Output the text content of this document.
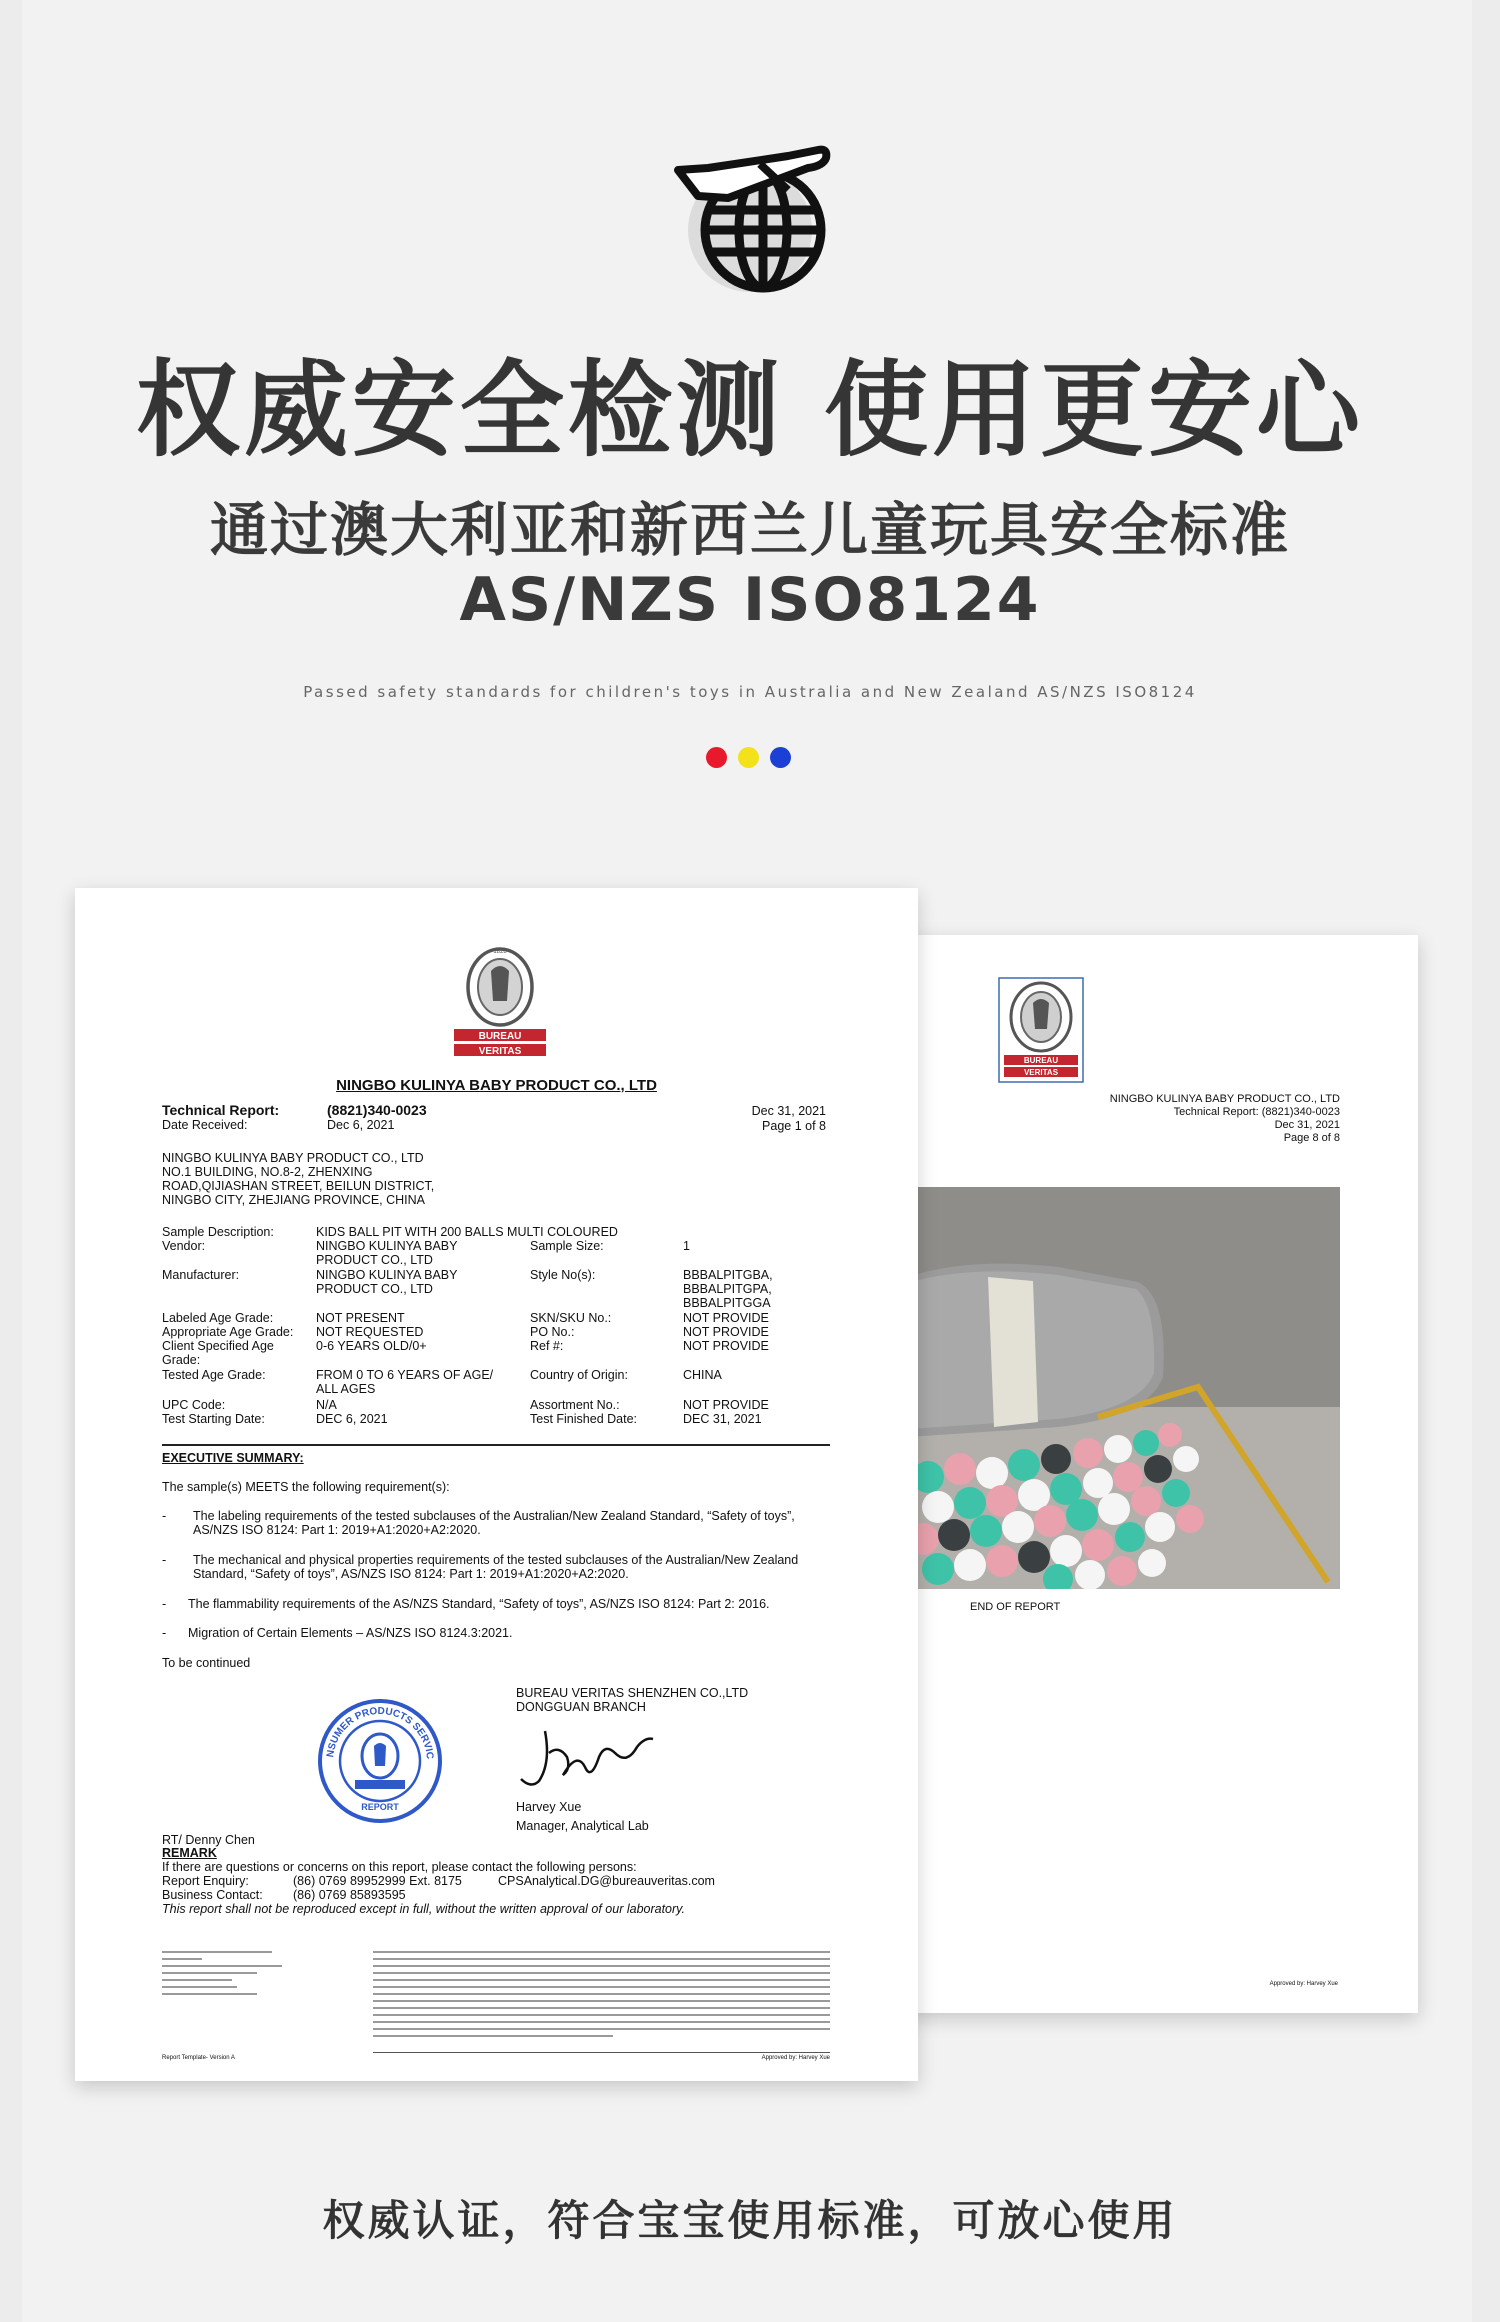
权威安全检测 使用更安心
通过澳大利亚和新西兰儿童玩具安全标准
AS/NZS ISO8124
Passed safety standards for children's toys in Australia and New Zealand AS/NZS ISO8124
BUREAU
VERITAS
NINGBO KULINYA BABY PRODUCT CO., LTD
Technical Report: (8821)340-0023
Dec 31, 2021
Page 8 of 8
END OF REPORT
Approved by: Harvey Xue
1828
BUREAU
VERITAS
NINGBO KULINYA BABY PRODUCT CO., LTD
Technical Report:	(8821)340-0023
Date Received:	Dec 6, 2021
Dec 31, 2021
Page 1 of 8
NINGBO KULINYA BABY PRODUCT CO., LTD
NO.1 BUILDING, NO.8-2, ZHENXING
ROAD,QIJIASHAN STREET, BEILUN DISTRICT,
NINGBO CITY, ZHEJIANG PROVINCE, CHINA
Sample Description:	KIDS BALL PIT WITH 200 BALLS MULTI COLOURED
Vendor:	NINGBO KULINYA BABY
PRODUCT CO., LTD
Sample Size:	1
Manufacturer:	NINGBO KULINYA BABY
PRODUCT CO., LTD
Style No(s):	BBBALPITGBA,
BBBALPITGPA,
BBBALPITGGA
Labeled Age Grade:	NOT PRESENT	SKN/SKU No.:	NOT PROVIDE
Appropriate Age Grade: NOT REQUESTED	PO No.:	NOT PROVIDE
Client Specified Age
Grade:
0-6 YEARS OLD/0+	Ref #:	NOT PROVIDE
Tested Age Grade:	FROM 0 TO 6 YEARS OF AGE/
ALL AGES
Country of Origin:	CHINA
UPC Code:	N/A	Assortment No.:	NOT PROVIDE
Test Starting Date:	DEC 6, 2021	Test Finished Date:	DEC 31, 2021
EXECUTIVE SUMMARY:
The sample(s) MEETS the following requirement(s):
- The labeling requirements of the tested subclauses of the Australian/New Zealand Standard, “Safety of toys”,
AS/NZS ISO 8124: Part 1: 2019+A1:2020+A2:2020.
- The mechanical and physical properties requirements of the tested subclauses of the Australian/New Zealand
Standard, “Safety of toys”, AS/NZS ISO 8124: Part 1: 2019+A1:2020+A2:2020.
- The flammability requirements of the AS/NZS Standard, “Safety of toys”, AS/NZS ISO 8124: Part 2: 2016.
- Migration of Certain Elements – AS/NZS ISO 8124.3:2021.
To be continued
BUREAU VERITAS SHENZHEN CO.,LTD
DONGGUAN BRANCH
NSUMER PRODUCTS SERVIC
REPORT	Harvey Xue
Manager, Analytical Lab
RT/ Denny Chen
REMARK
If there are questions or concerns on this report, please contact the following persons:
Report Enquiry:	(86) 0769 89952999 Ext. 8175	CPSAnalytical.DG@bureauveritas.com
Business Contact: (86) 0769 85893595
This report shall not be reproduced except in full, without the written approval of our laboratory.
Report Template- Version A	Approved by: Harvey Xue
权威认证，符合宝宝使用标准，可放心使用
